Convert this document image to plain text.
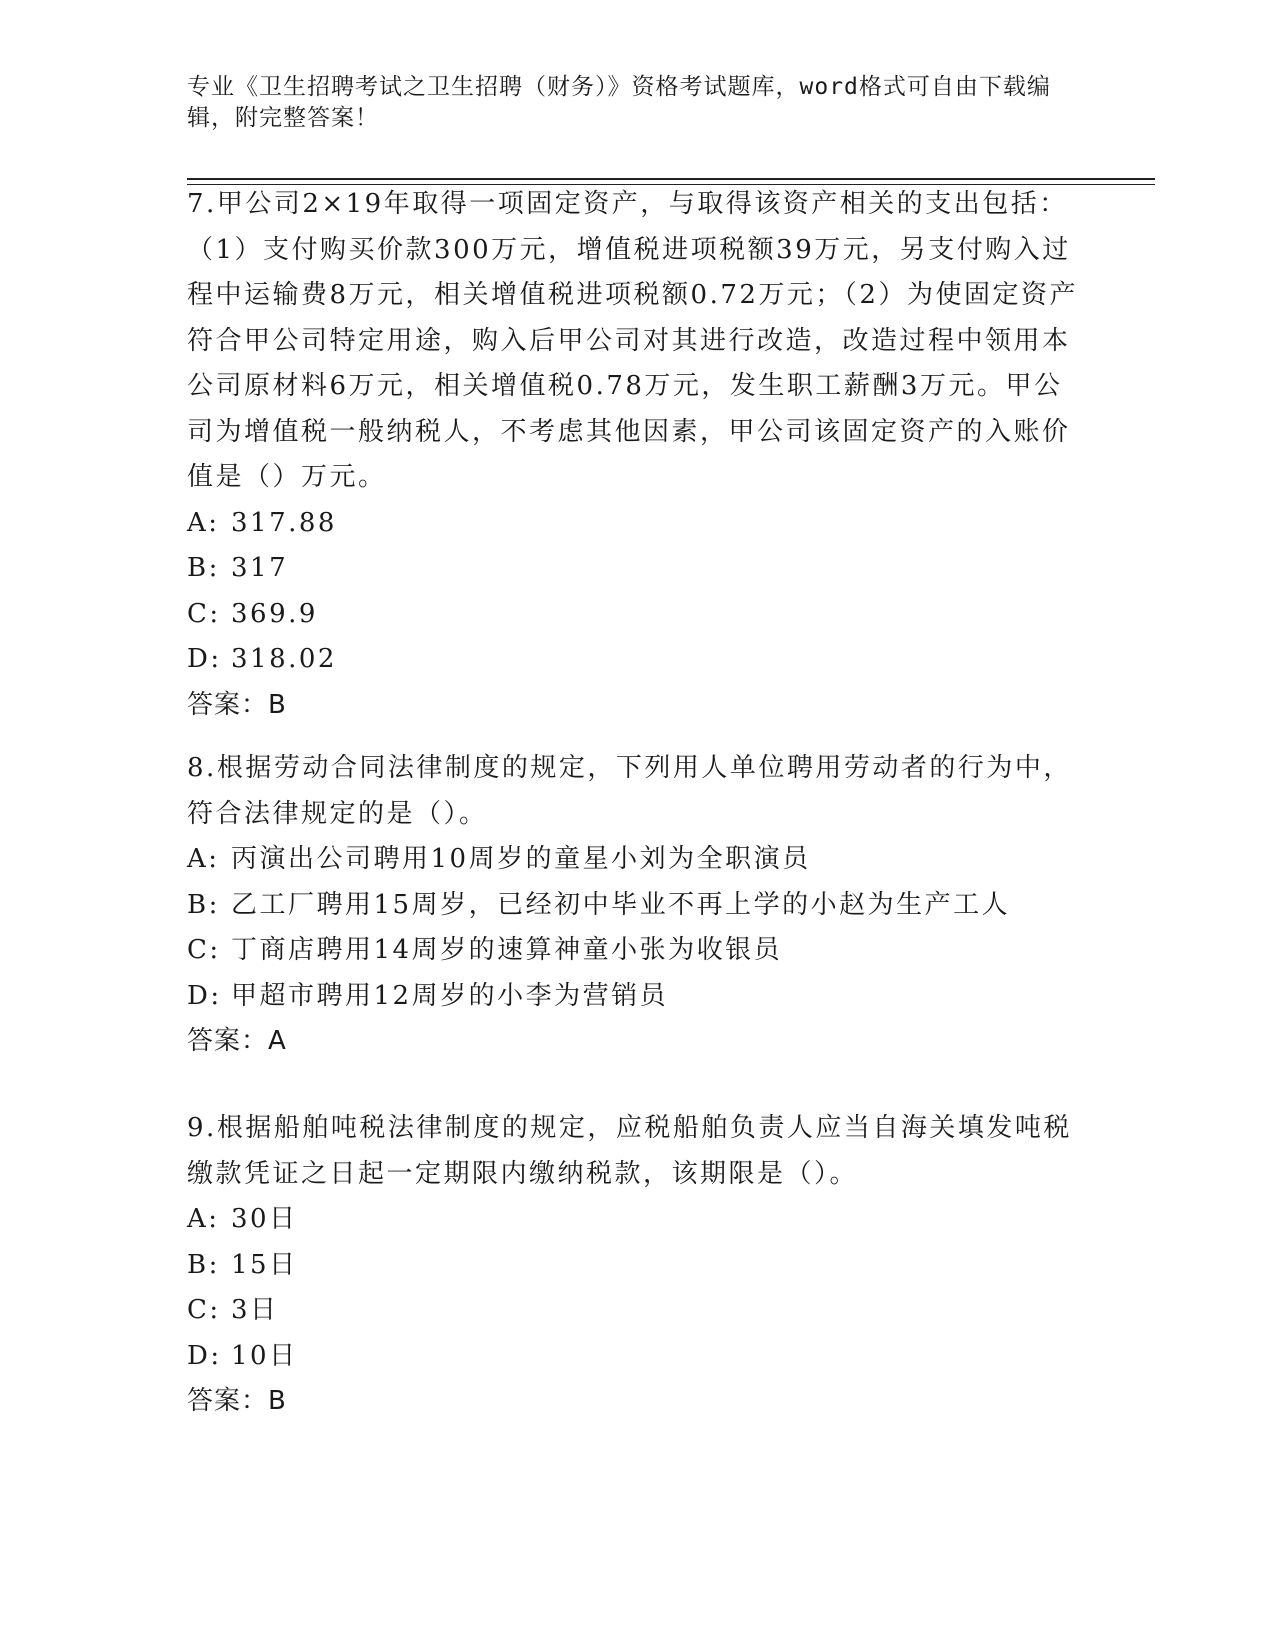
专业《卫生招聘考试之卫生招聘（财务）》资格考试题库，word格式可自由下载编辑，附完整答案！
7.甲公司2×19年取得一项固定资产，与取得该资产相关的支出包括：（1）支付购买价款300万元，增值税进项税额39万元，另支付购入过程中运输费8万元，相关增值税进项税额0.72万元；（2）为使固定资产符合甲公司特定用途，购入后甲公司对其进行改造，改造过程中领用本公司原材料6万元，相关增值税0.78万元，发生职工薪酬3万元。甲公司为增值税一般纳税人，不考虑其他因素，甲公司该固定资产的入账价值是（）万元。
A: 317.88
B: 317
C: 369.9
D: 318.02
答案：B
8.根据劳动合同法律制度的规定，下列用人单位聘用劳动者的行为中，符合法律规定的是（）。
A: 丙演出公司聘用10周岁的童星小刘为全职演员
B: 乙工厂聘用15周岁，已经初中毕业不再上学的小赵为生产工人
C: 丁商店聘用14周岁的速算神童小张为收银员
D: 甲超市聘用12周岁的小李为营销员
答案：A
9.根据船舶吨税法律制度的规定，应税船舶负责人应当自海关填发吨税缴款凭证之日起一定期限内缴纳税款，该期限是（）。
A: 30日
B: 15日
C: 3日
D: 10日
答案：B
